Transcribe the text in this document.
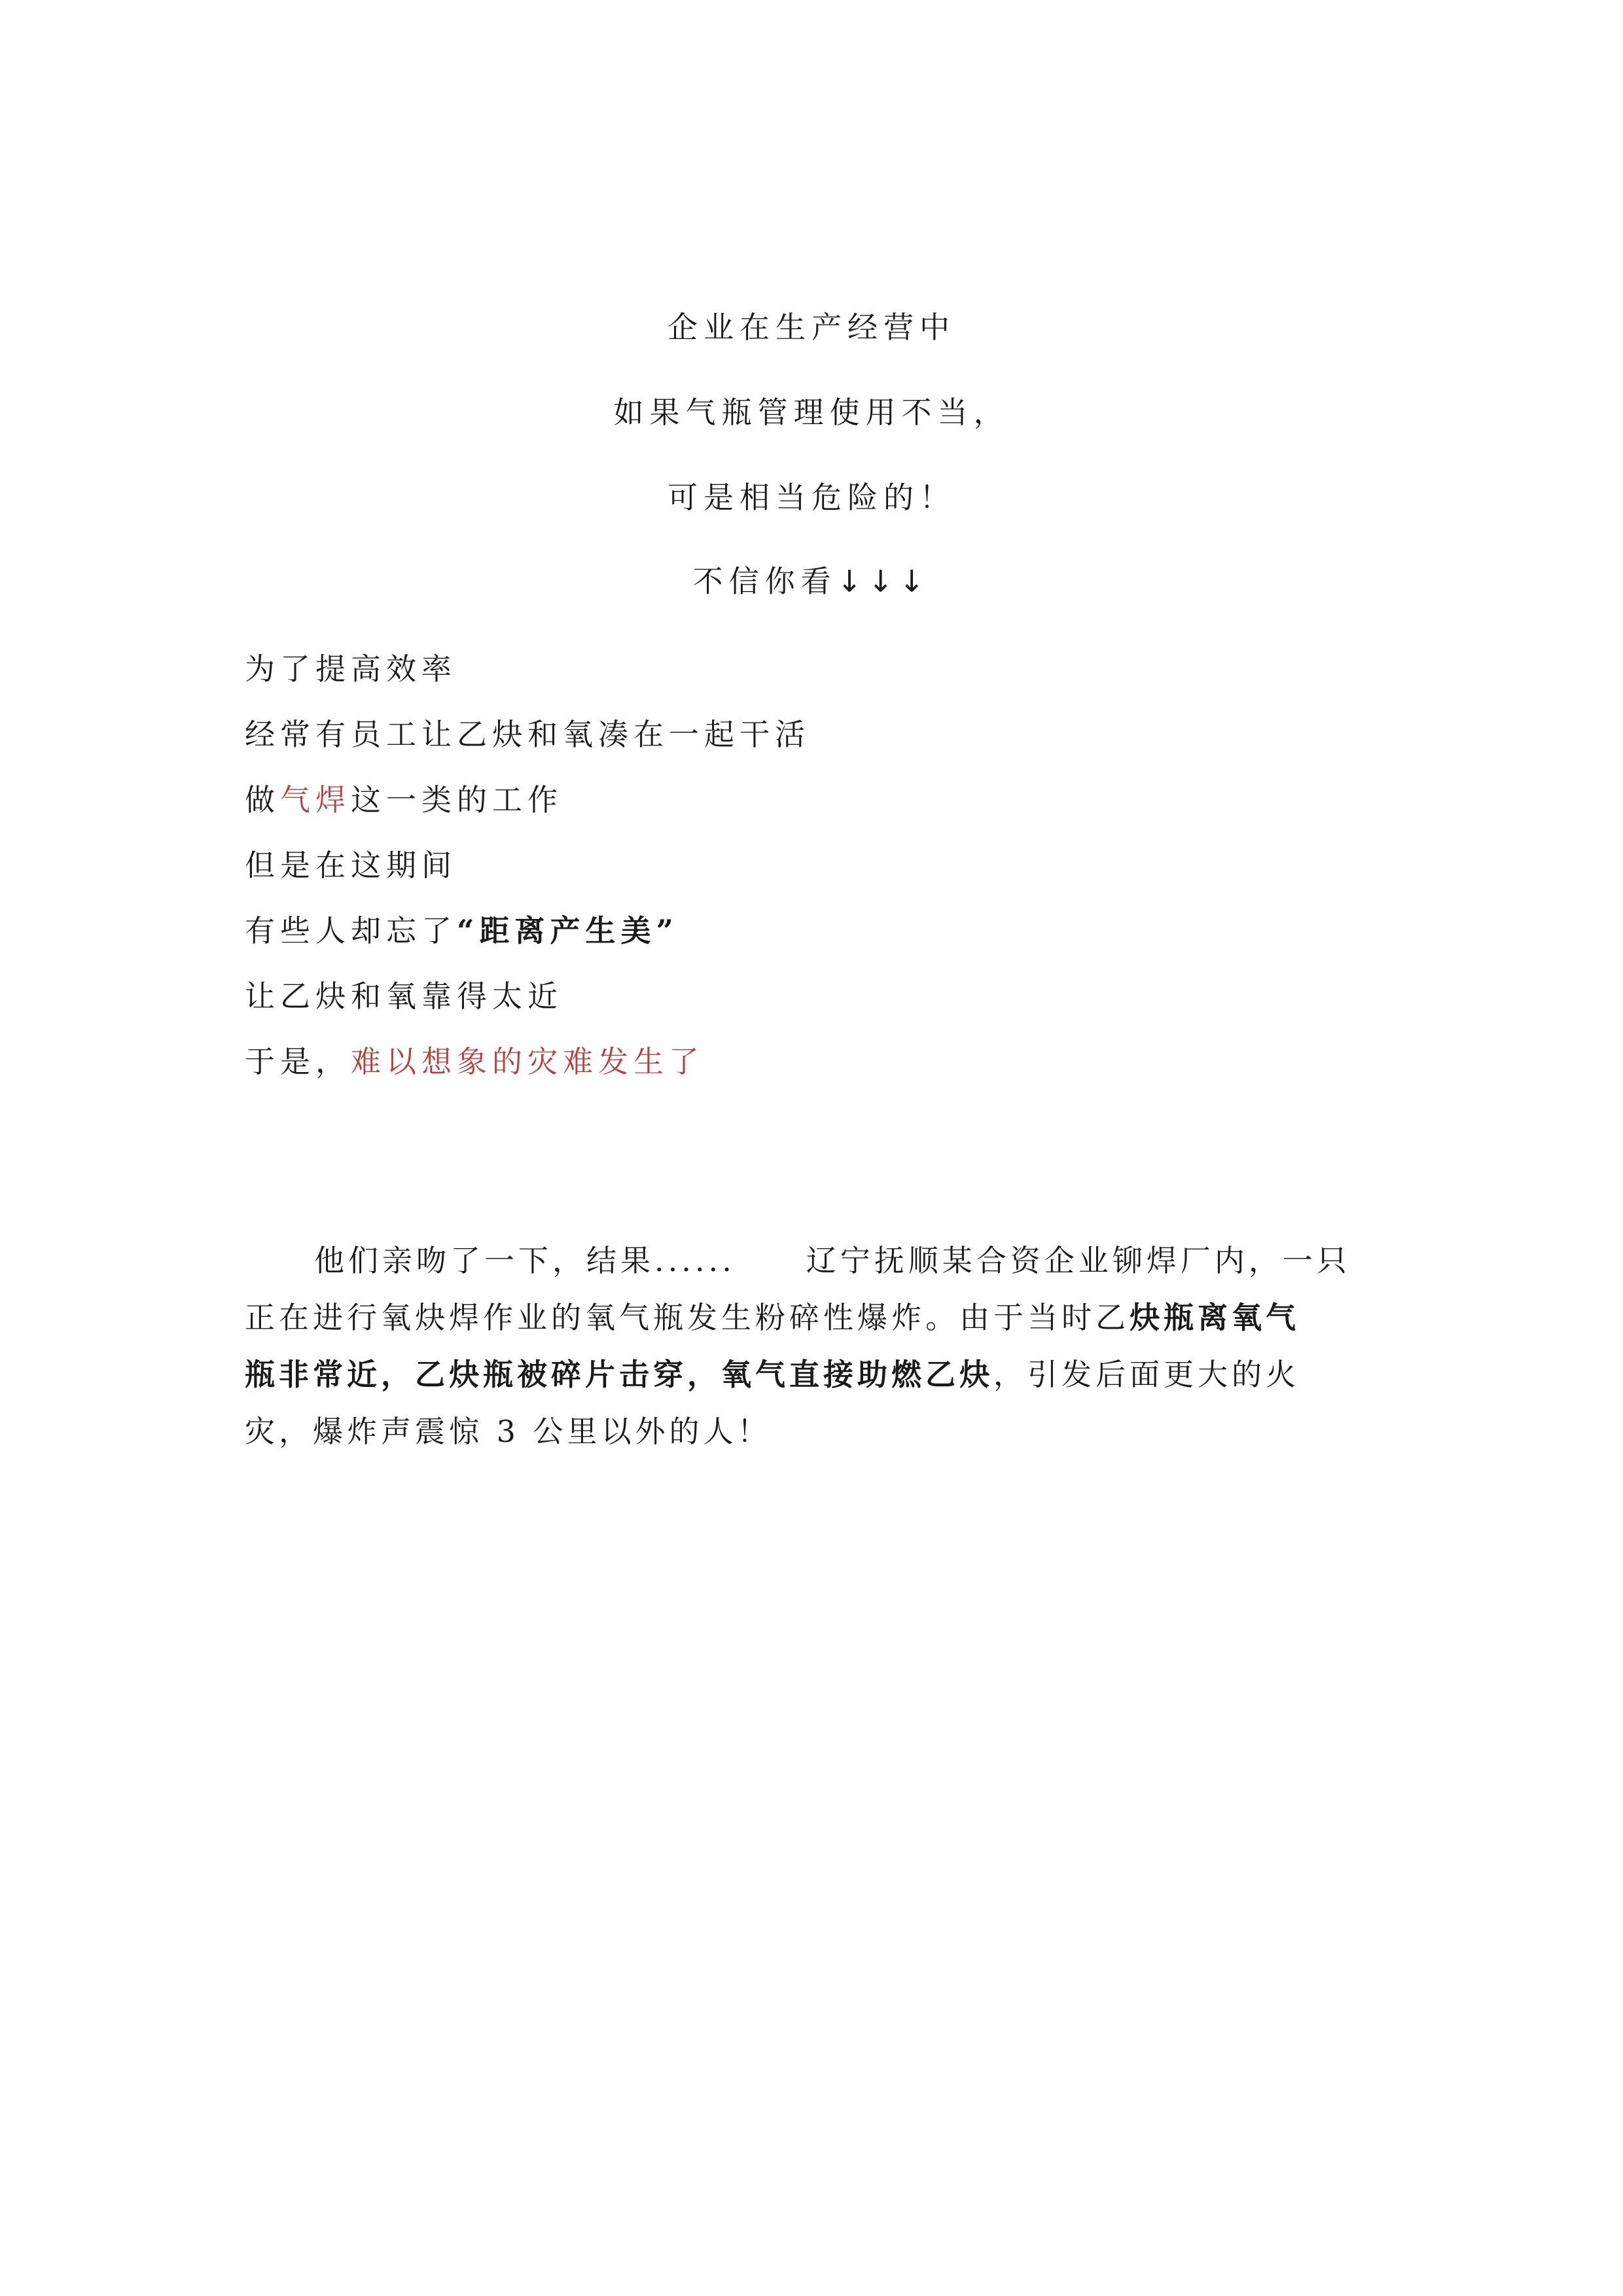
企业在生产经营中
如果气瓶管理使用不当，
可是相当危险的！
不信你看↓↓↓
为了提高效率
经常有员工让乙炔和氧凑在一起干活
做气焊这一类的工作
但是在这期间
有些人却忘了“距离产生美”
让乙炔和氧靠得太近
于是，难以想象的灾难发生了
他们亲吻了一下，结果...... 辽宁抚顺某合资企业铆焊厂内，一只
正在进行氧炔焊作业的氧气瓶发生粉碎性爆炸。由于当时乙炔瓶离氧气
瓶非常近，乙炔瓶被碎片击穿，氧气直接助燃乙炔，引发后面更大的火
灾，爆炸声震惊 3 公里以外的人！
